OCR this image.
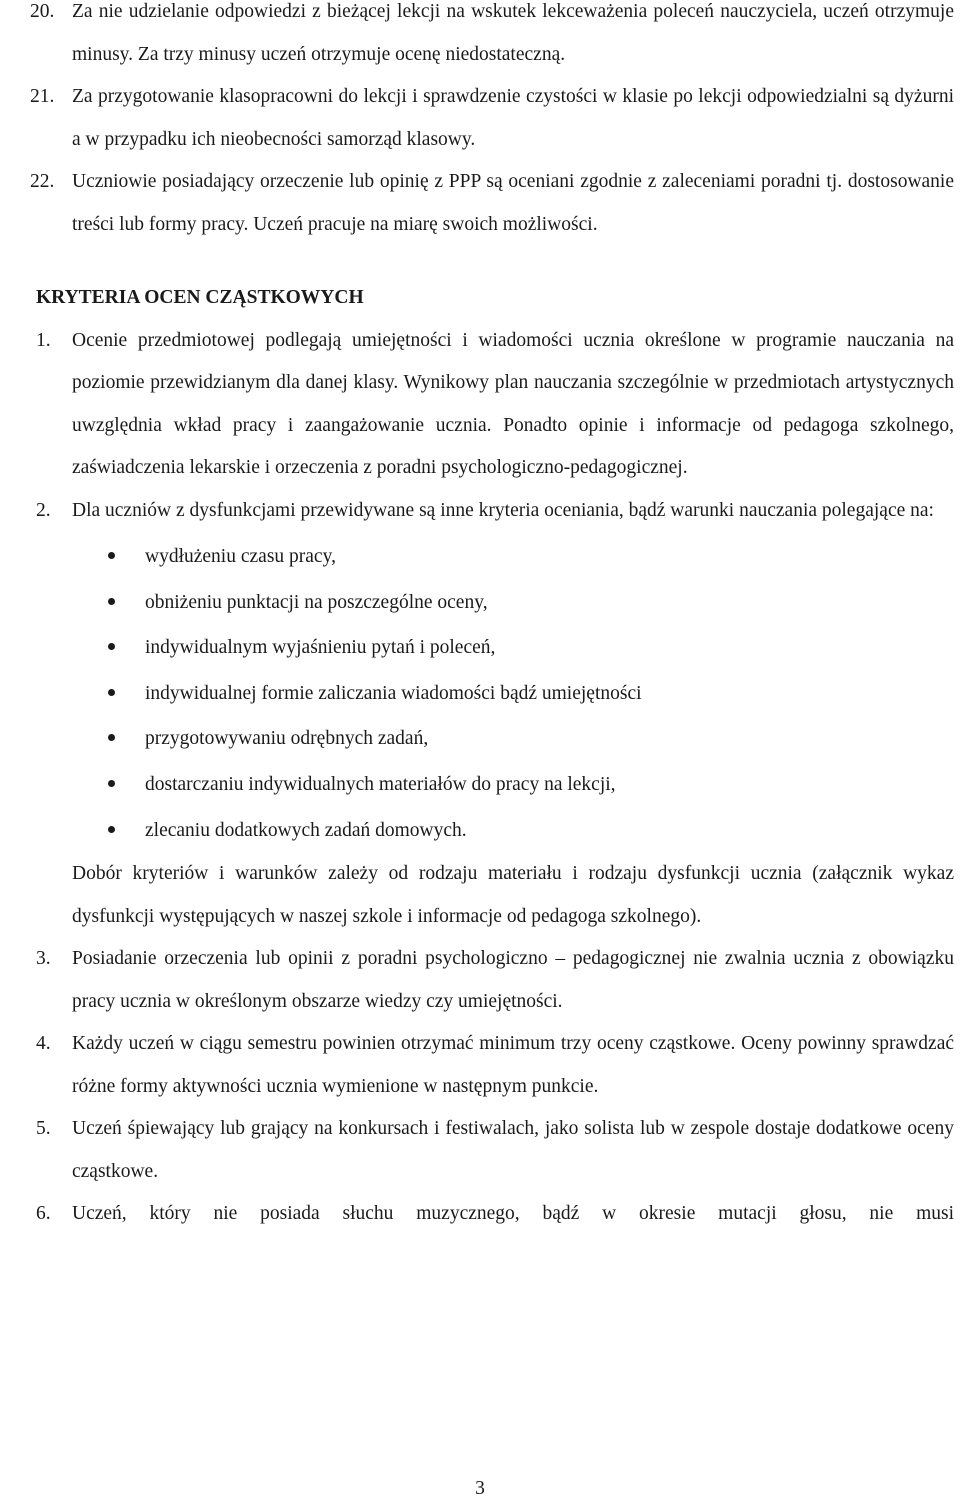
20. Za nie udzielanie odpowiedzi z bieżącej lekcji na wskutek lekceważenia poleceń nauczyciela, uczeń otrzymuje minusy. Za trzy minusy uczeń otrzymuje ocenę niedostateczną.
21. Za przygotowanie klasopracowni do lekcji i sprawdzenie czystości w klasie po lekcji odpowiedzialni są dyżurni a w przypadku ich nieobecności samorząd klasowy.
22. Uczniowie posiadający orzeczenie lub opinię z PPP są oceniani zgodnie z zaleceniami poradni tj. dostosowanie treści lub formy pracy. Uczeń pracuje na miarę swoich możliwości.
KRYTERIA OCEN CZĄSTKOWYCH
1. Ocenie przedmiotowej podlegają umiejętności i wiadomości ucznia określone w programie nauczania na poziomie przewidzianym dla danej klasy. Wynikowy plan nauczania szczególnie w przedmiotach artystycznych uwzględnia wkład pracy i zaangażowanie ucznia. Ponadto opinie i informacje od pedagoga szkolnego, zaświadczenia lekarskie i orzeczenia z poradni psychologiczno-pedagogicznej.
2. Dla uczniów z dysfunkcjami przewidywane są inne kryteria oceniania, bądź warunki nauczania polegające na:
wydłużeniu czasu pracy,
obniżeniu punktacji na poszczególne oceny,
indywidualnym wyjaśnieniu pytań i poleceń,
indywidualnej formie zaliczania wiadomości bądź umiejętności
przygotowywaniu odrębnych zadań,
dostarczaniu indywidualnych materiałów do pracy na lekcji,
zlecaniu dodatkowych zadań domowych.
Dobór kryteriów i warunków zależy od rodzaju materiału i rodzaju dysfunkcji ucznia (załącznik wykaz dysfunkcji występujących w naszej szkole i informacje od pedagoga szkolnego).
3. Posiadanie orzeczenia lub opinii z poradni psychologiczno – pedagogicznej nie zwalnia ucznia z obowiązku pracy ucznia w określonym obszarze wiedzy czy umiejętności.
4. Każdy uczeń w ciągu semestru powinien otrzymać minimum trzy oceny cząstkowe. Oceny powinny sprawdzać różne formy aktywności ucznia wymienione w następnym punkcie.
5. Uczeń śpiewający lub grający na konkursach i festiwalach, jako solista lub w zespole dostaje dodatkowe oceny cząstkowe.
6. Uczeń, który nie posiada słuchu muzycznego, bądź w okresie mutacji głosu, nie musi
3
